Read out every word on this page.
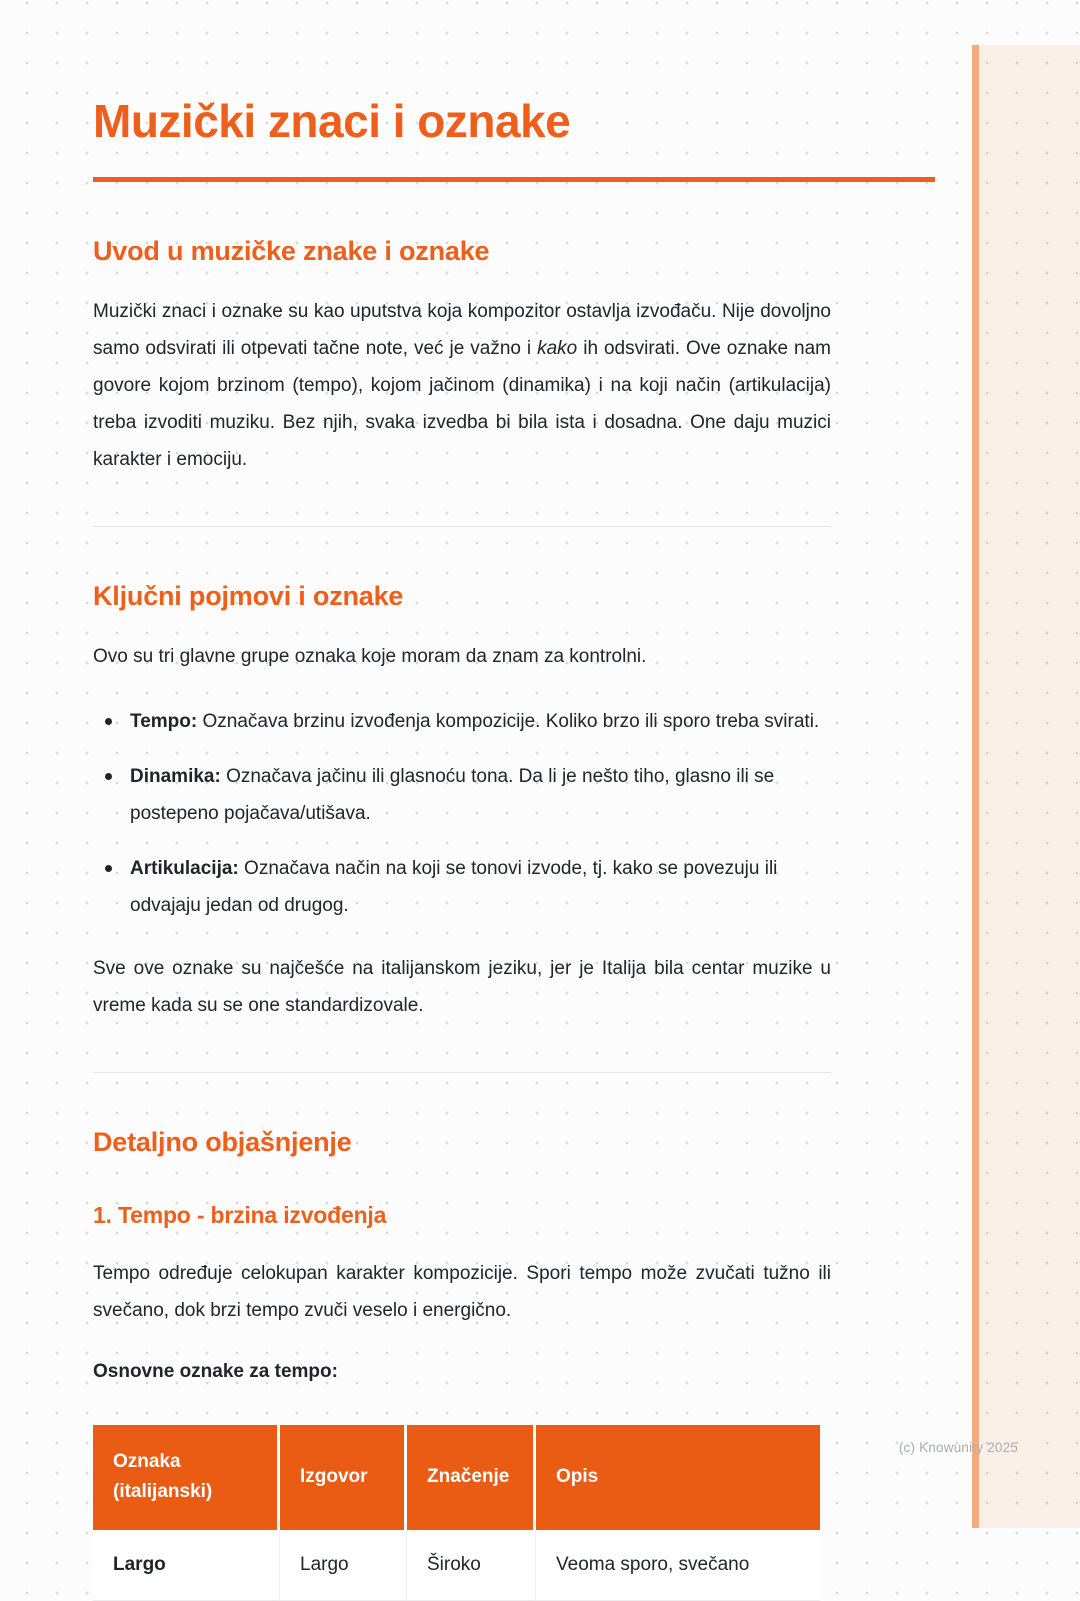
Muzički znaci i oznake
Uvod u muzičke znake i oznake

Muzički znaci i oznake su kao uputstva koja kompozitor ostavlja izvođaču. Nije dovoljno samo odsvirati ili otpevati tačne note, već je važno i kako ih odsvirati. Ove oznake nam govore kojom brzinom (tempo), kojom jačinom (dinamika) i na koji način (artikulacija) treba izvoditi muziku. Bez njih, svaka izvedba bi bila ista i dosadna. One daju muzici karakter i emociju.

Ključni pojmovi i oznake

Ovo su tri glavne grupe oznaka koje moram da znam za kontrolni.

Tempo: Označava brzinu izvođenja kompozicije. Koliko brzo ili sporo treba svirati.
Dinamika: Označava jačinu ili glasnoću tona. Da li je nešto tiho, glasno ili se postepeno pojačava/utišava.
Artikulacija: Označava način na koji se tonovi izvode, tj. kako se povezuju ili odvajaju jedan od drugog.

Sve ove oznake su najčešće na italijanskom jeziku, jer je Italija bila centar muzike u vreme kada su se one standardizovale.

Detaljno objašnjenje
1. Tempo - brzina izvođenja

Tempo određuje celokupan karakter kompozicije. Spori tempo može zvučati tužno ili svečano, dok brzi tempo zvuči veselo i energično.

Osnovne oznake za tempo:

Oznaka (italijanski)	Izgovor	Značenje	Opis
Largo	Largo	Široko	Veoma sporo, svečano
(c) Knowunity 2025
